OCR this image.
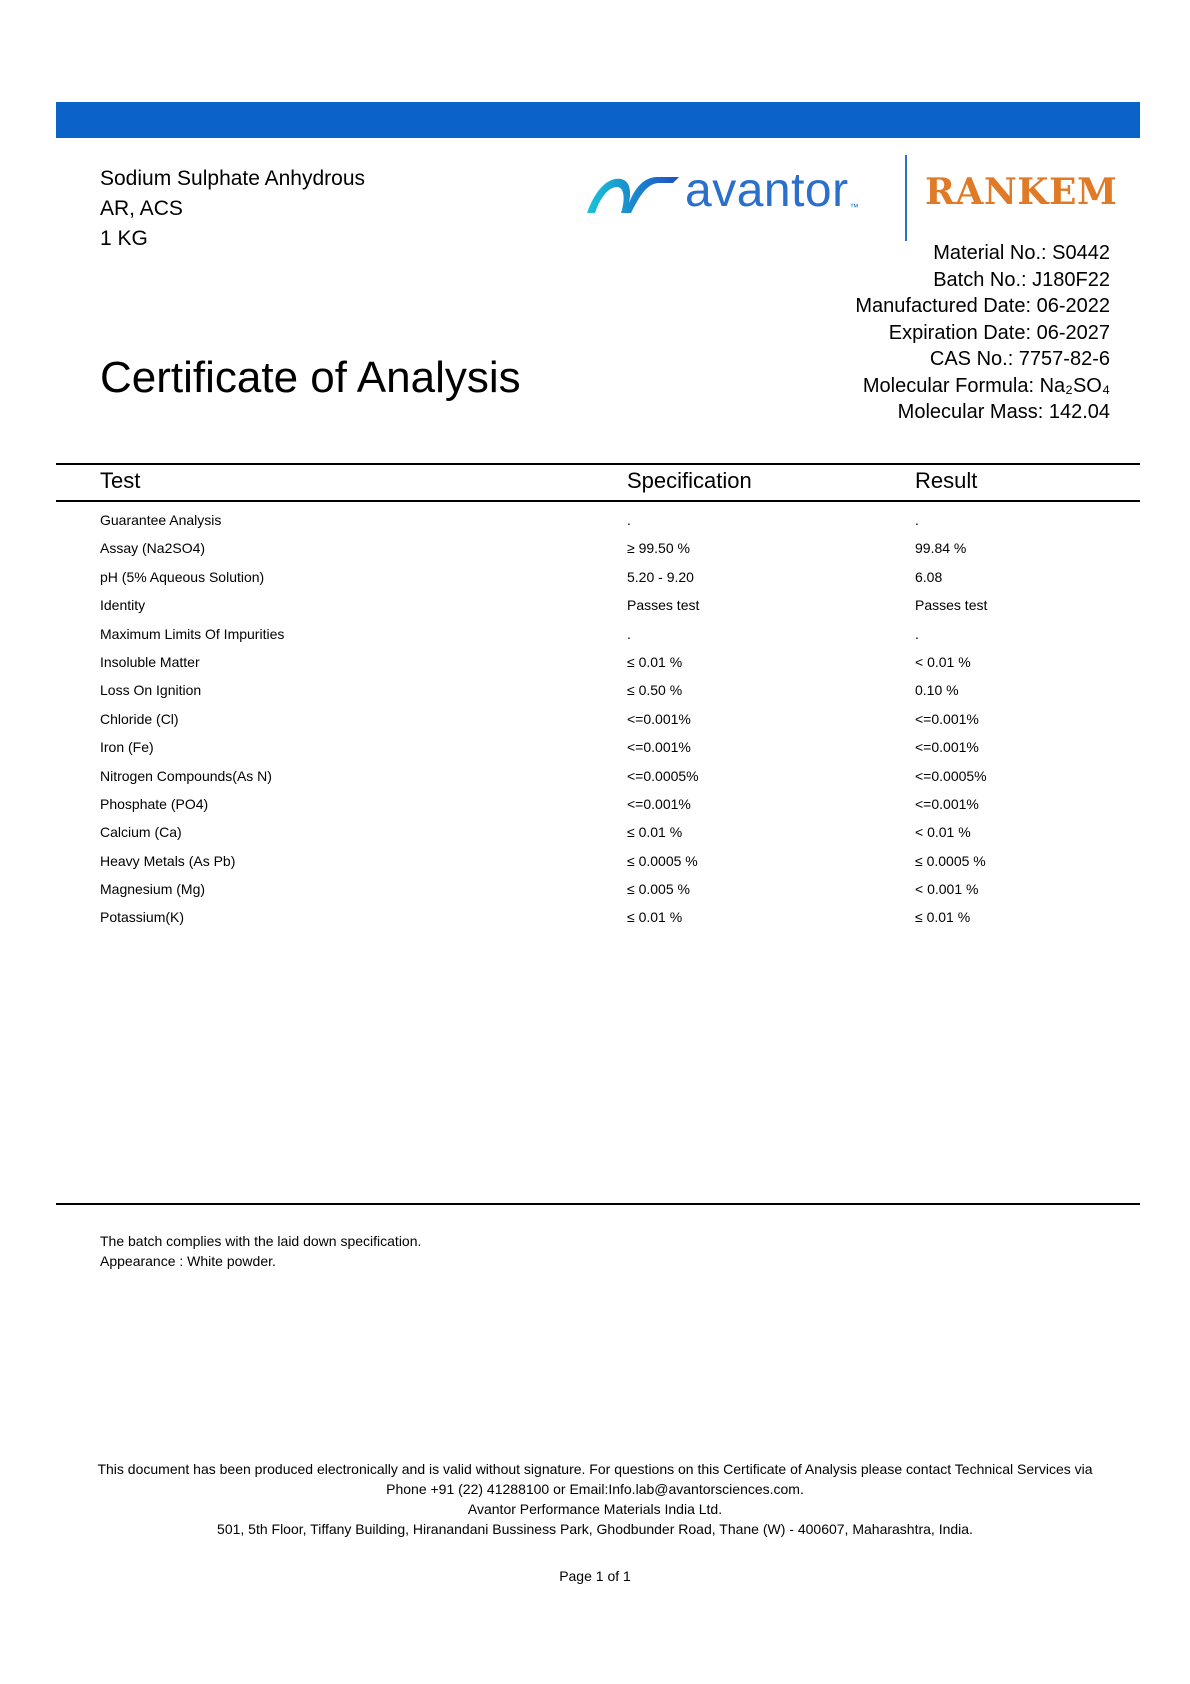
Sodium Sulphate Anhydrous
AR, ACS
1 KG
avantor™ RANKEM
Material No.: S0442
Batch No.: J180F22
Manufactured Date: 06-2022
Expiration Date: 06-2027
CAS No.: 7757-82-6
Molecular Formula: Na₂SO₄
Molecular Mass: 142.04
Certificate of Analysis
Test	Specification	Result
Guarantee Analysis	.	.
Assay (Na2SO4)	≥ 99.50 %	99.84 %
pH (5% Aqueous Solution)	5.20 - 9.20	6.08
Identity	Passes test	Passes test
Maximum Limits Of Impurities	.	.
Insoluble Matter	≤ 0.01 %	< 0.01 %
Loss On Ignition	≤ 0.50 %	0.10 %
Chloride (Cl)	<=0.001%	<=0.001%
Iron (Fe)	<=0.001%	<=0.001%
Nitrogen Compounds(As N)	<=0.0005%	<=0.0005%
Phosphate (PO4)	<=0.001%	<=0.001%
Calcium (Ca)	≤ 0.01 %	< 0.01 %
Heavy Metals (As Pb)	≤ 0.0005 %	≤ 0.0005 %
Magnesium (Mg)	≤ 0.005 %	< 0.001 %
Potassium(K)	≤ 0.01 %	≤ 0.01 %
The batch complies with the laid down specification.
Appearance : White powder.
This document has been produced electronically and is valid without signature. For questions on this Certificate of Analysis please contact Technical Services via
Phone +91 (22) 41288100 or Email:Info.lab@avantorsciences.com.
Avantor Performance Materials India Ltd.
501, 5th Floor, Tiffany Building, Hiranandani Bussiness Park, Ghodbunder Road, Thane (W) - 400607, Maharashtra, India.
Page 1 of 1
